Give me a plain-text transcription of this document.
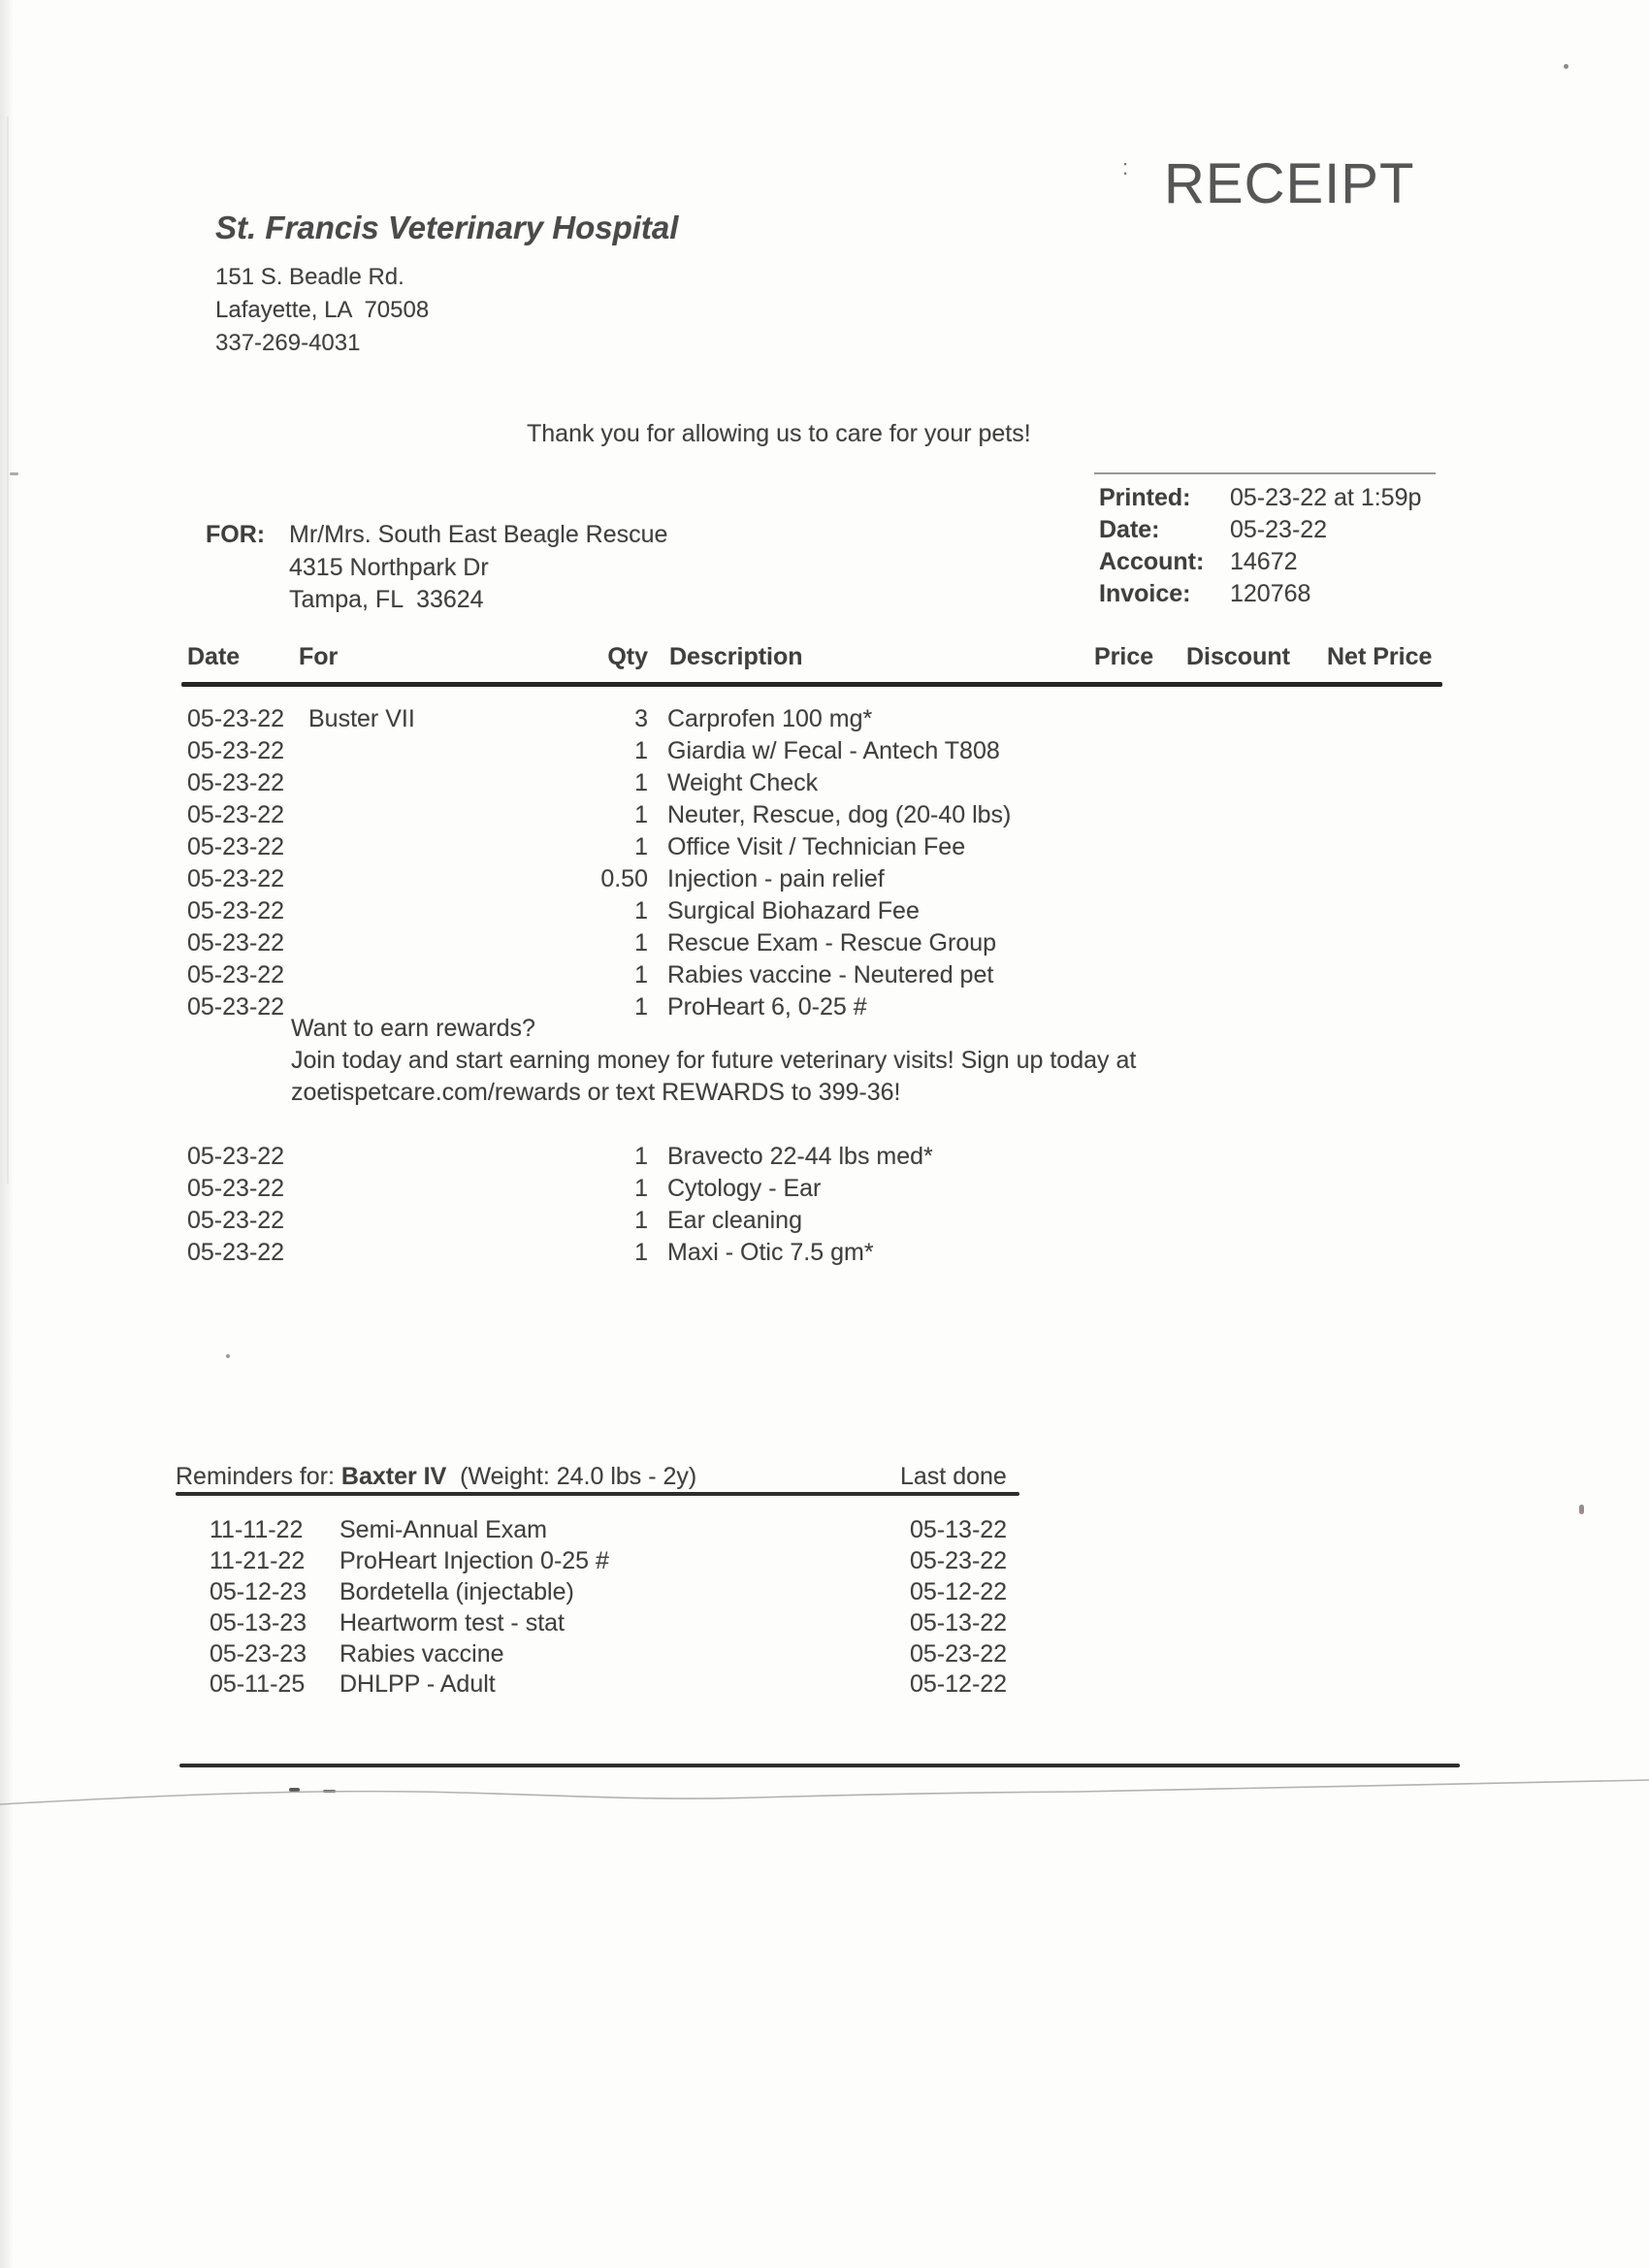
: RECEIPT
St. Francis Veterinary Hospital
151 S. Beadle Rd.
Lafayette, LA  70508
337-269-4031
Thank you for allowing us to care for your pets!
FOR: Mr/Mrs. South East Beagle Rescue
4315 Northpark Dr
Tampa, FL  33624
Printed: 05-23-22 at 1:59p
Date:	05-23-22
Account: 14672
Invoice: 120768
Date For	Qty Description	Price Discount Net Price
05-23-22 Buster VII	3 Carprofen 100 mg*
05-23-22	1 Giardia w/ Fecal - Antech T808
05-23-22	1 Weight Check
05-23-22	1 Neuter, Rescue, dog (20-40 lbs)
05-23-22	1 Office Visit / Technician Fee
05-23-22	0.50 Injection - pain relief
05-23-22	1 Surgical Biohazard Fee
05-23-22	1 Rescue Exam - Rescue Group
05-23-22	1 Rabies vaccine - Neutered pet
05-23-22	1 ProHeart 6, 0-25 #
Want to earn rewards?
Join today and start earning money for future veterinary visits! Sign up today at
zoetispetcare.com/rewards or text REWARDS to 399-36!
05-23-22	1 Bravecto 22-44 lbs med*
05-23-22	1 Cytology - Ear
05-23-22	1 Ear cleaning
05-23-22	1 Maxi - Otic 7.5 gm*
Reminders for: Baxter IV  (Weight: 24.0 lbs - 2y)	Last done
11-11-22 Semi-Annual Exam	05-13-22
11-21-22 ProHeart Injection 0-25 #	05-23-22
05-12-23 Bordetella (injectable)	05-12-22
05-13-23 Heartworm test - stat	05-13-22
05-23-23 Rabies vaccine	05-23-22
05-11-25 DHLPP - Adult	05-12-22
